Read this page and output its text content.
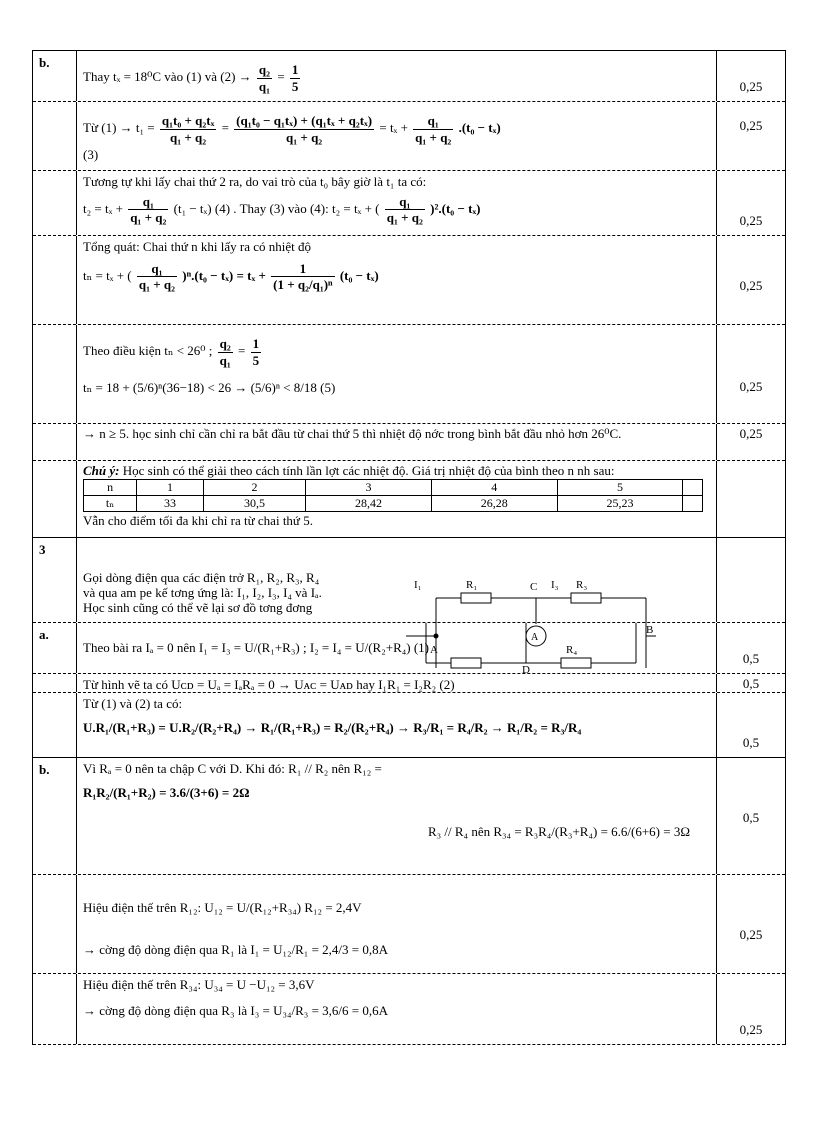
b.
Thay tₓ = 18⁰C vào (1) và $(2) \to \frac{\text{q₂}}{\text{q₁}} = \frac{1}{5}$	0,25
Từ $(1) \to t_1 = \frac{\text{q₁t₀ + q₂tₓ}}{\text{q₁ + q₂}} = \frac{\text{(q₁t₀ − q₁tₓ) + (q₁tₓ + q₂tₓ)}}{\text{q₁ + q₂}} = t_x + \frac{\text{q₁}}{\text{q₁ + q₂}} .(t_0 - t_x)$
(3)
0,25
Tương tự khi lấy chai thứ 2 ra, do vai trò của t₀ bây giờ là t₁ ta có:
$t_2 = t_x + \frac{\text{q₁}}{\text{q₁ + q₂}} (t_1 - t_x)$ (4) . Thay (3) vào (4): t₂ = tₓ + ( $\frac{\text{q₁}}{\text{q₁ + q₂}} )^2.(t_0 - t_x)$
0,25
Tổng quát: Chai thứ n khi lấy ra có nhiệt độ
tₙ = tₓ + ( $\frac{\text{q₁}}{\text{q₁ + q₂}} )^n.(t_0 - t_x) = t_x + \frac{1}{\text{(1 + q₂/q₁)ⁿ}} (t_0 - t_x)$
0,25
Theo điều kiện tₙ < 26⁰ ; $\frac{\text{q₂}}{\text{q₁}} = \frac{1}{5}$
tₙ = 18 + (5/6)ⁿ(36−18) < 26 → (5/6)ⁿ < 8/18 (5)	0,25
→ n ≥ 5. học sinh chỉ cần chỉ ra bắt đầu từ chai thứ 5 thì nhiệt độ nớc trong bình bắt đầu nhỏ hơn 26⁰C.	0,25
Chú ý: Học sinh có thể giải theo cách tính lần lợt các nhiệt độ. Giá trị nhiệt độ của bình theo n nh sau:
n	1	2	3	4	5	
tₙ	33	30,5	28,42	26,28	25,23	
Vẫn cho điểm tối đa khi chỉ ra từ chai thứ 5.
3
Gọi dòng điện qua các điện trở R₁, R₂, R₃, R₄
và qua am pe kế tơng ứng là: I₁, I₂, I₃, I₄ và Iₐ.
Học sinh cũng có thể vẽ lại sơ đồ tơng đơng
I₁	R₁	C I₃ R₃
A
A
a.
Theo bài ra Iₐ = 0 nên I₁ = I₃ = U/(R₁+R₃) ; I₂ = I₄ = U/(R₂+R₄) (1)	R₄
D
B
0,5
Từ hình vẽ ta có Uᴄᴅ = Uₐ = IₐRₐ = 0 → Uᴀᴄ = Uᴀᴅ hay I₁R₁ = I₂R₂ (2)	0,5
Từ (1) và (2) ta có:
U.R₁/(R₁+R₃) = U.R₂/(R₂+R₄) → R₁/(R₁+R₃) = R₂/(R₂+R₄) → R₃/R₁ = R₄/R₂ → R₁/R₂ = R₃/R₄
0,5
b.	Vì Rₐ = 0 nên ta chập C với D. Khi đó: R₁ // R₂ nên R₁₂ =
R₁R₂/(R₁+R₂) = 3.6/(3+6) = 2Ω
R₃ // R₄ nên R₃₄ = R₃R₄/(R₃+R₄) = 6.6/(6+6) = 3Ω
0,5
Hiệu điện thế trên R₁₂: U₁₂ = U/(R₁₂+R₃₄) R₁₂ = 2,4V
→ cờng độ dòng điện qua R₁ là I₁ = U₁₂/R₁ = 2,4/3 = 0,8A
0,25
Hiệu điện thế trên R₃₄: U₃₄ = U −U₁₂ = 3,6V
→ cờng độ dòng điện qua R₃ là I₃ = U₃₄/R₃ = 3,6/6 = 0,6A
0,25
